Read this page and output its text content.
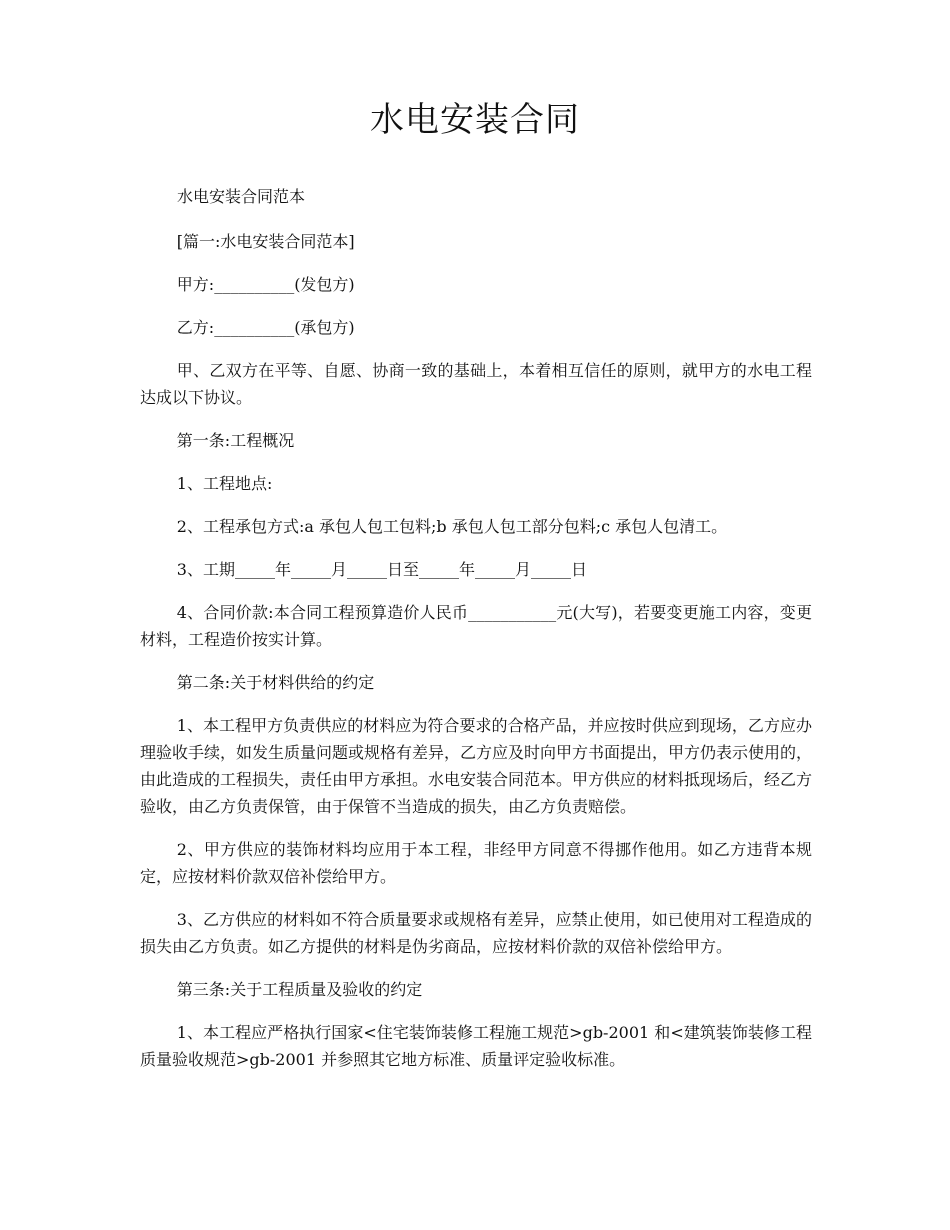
水电安装合同
水电安装合同范本

[篇一:水电安装合同范本]

甲方:__________(发包方)

乙方:__________(承包方)

甲、乙双方在平等、自愿、协商一致的基础上，本着相互信任的原则，就甲方的水电工程达成以下协议。

第一条:工程概况

1、工程地点:

2、工程承包方式:a 承包人包工包料;b 承包人包工部分包料;c 承包人包清工。

3、工期_____年_____月_____日至_____年_____月_____日

4、合同价款:本合同工程预算造价人民币___________元(大写)，若要变更施工内容，变更材料，工程造价按实计算。

第二条:关于材料供给的约定

1、本工程甲方负责供应的材料应为符合要求的合格产品，并应按时供应到现场，乙方应办理验收手续，如发生质量问题或规格有差异，乙方应及时向甲方书面提出，甲方仍表示使用的，由此造成的工程损失，责任由甲方承担。水电安装合同范本。甲方供应的材料抵现场后，经乙方验收，由乙方负责保管，由于保管不当造成的损失，由乙方负责赔偿。

2、甲方供应的装饰材料均应用于本工程，非经甲方同意不得挪作他用。如乙方违背本规定，应按材料价款双倍补偿给甲方。

3、乙方供应的材料如不符合质量要求或规格有差异，应禁止使用，如已使用对工程造成的损失由乙方负责。如乙方提供的材料是伪劣商品，应按材料价款的双倍补偿给甲方。

第三条:关于工程质量及验收的约定

1、本工程应严格执行国家<住宅装饰装修工程施工规范>gb-2001 和<建筑装饰装修工程质量验收规范>gb-2001 并参照其它地方标准、质量评定验收标准。
